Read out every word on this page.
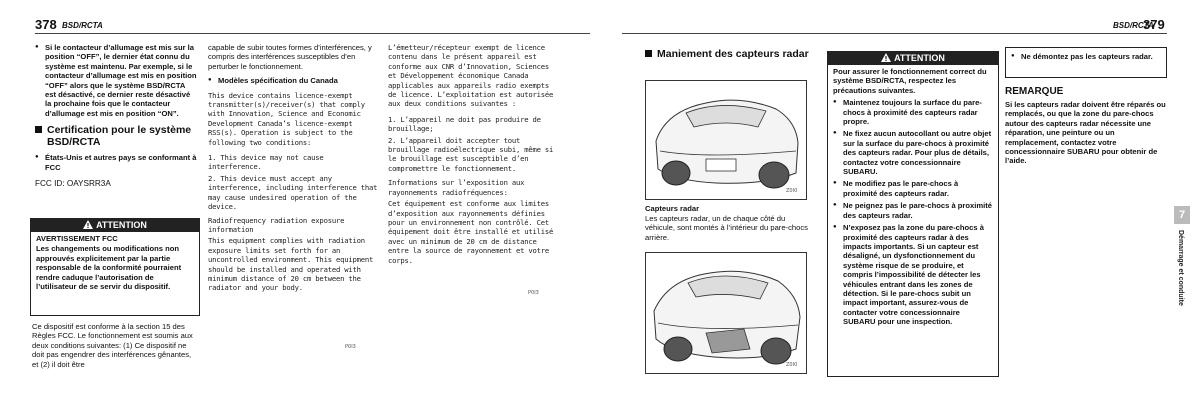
378 BSD/RCTA
● Si le contacteur d’allumage est mis sur la position “OFF”, le dernier état connu du système est maintenu. Par exemple, si le contacteur d’allumage est mis en position “OFF” alors que le système BSD/RCTA est désactivé, ce dernier reste désactivé la prochaine fois que le contacteur d’allumage est mis en position “ON”.
Certification pour le système BSD/RCTA
● États-Unis et autres pays se conformant à FCC
FCC ID: OAYSRR3A
ATTENTION
AVERTISSEMENT FCC
Les changements ou modifications non approuvés explicitement par la partie responsable de la conformité pourraient rendre caduque l’autorisation de l’utilisateur de se servir du dispositif.
Ce dispositif est conforme à la section 15 des Règles FCC. Le fonctionnement est soumis aux deux conditions suivantes: (1) Ce dispositif ne doit pas engendrer des interférences gênantes, et (2) il doit être
capable de subir toutes formes d’interférences, y compris des interférences susceptibles d’en perturber le fonctionnement.
● Modèles spécification du Canada
This device contains licence-exempt transmitter(s)/receiver(s) that comply with Innovation, Science and Economic Development Canada’s licence-exempt RSS(s). Operation is subject to the following two conditions:
1. This device may not cause interference.
2. This device must accept any interference, including interference that may cause undesired operation of the device.
Radiofrequency radiation exposure information
This equipment complies with radiation exposure limits set forth for an uncontrolled environment. This equipment should be installed and operated with minimum distance of 20 cm between the radiator and your body.
P0I3
L’émetteur/récepteur exempt de licence contenu dans le présent appareil est conforme aux CNR d’Innovation, Sciences et Développement économique Canada applicables aux appareils radio exempts de licence. L’exploitation est autorisée aux deux conditions suivantes :
1. L’appareil ne doit pas produire de brouillage;
2. L’appareil doit accepter tout brouillage radioélectrique subi, même si le brouillage est susceptible d’en compromettre le fonctionnement.
Informations sur l’exposition aux rayonnements radiofréquences:
Cet équipement est conforme aux limites d’exposition aux rayonnements définies pour un environnement non contrôlé. Cet équipement doit être installé et utilisé avec un minimum de 20 cm de distance entre la source de rayonnement et votre corps.
P0I3
BSD/RCTA
379
Maniement des capteurs radar
Z0I0
Capteurs radar
Les capteurs radar, un de chaque côté du véhicule, sont montés à l’intérieur du pare-chocs arrière.
Z0I0
ATTENTION
Pour assurer le fonctionnement correct du système BSD/RCTA, respectez les précautions suivantes.
● Maintenez toujours la surface du pare-chocs à proximité des capteurs radar propre.
● Ne fixez aucun autocollant ou autre objet sur la surface du pare-chocs à proximité des capteurs radar. Pour plus de détails, contactez votre concessionnaire SUBARU.
● Ne modifiez pas le pare-chocs à proximité des capteurs radar.
● Ne peignez pas le pare-chocs à proximité des capteurs radar.
● N’exposez pas la zone du pare-chocs à proximité des capteurs radar à des impacts importants. Si un capteur est désaligné, un dysfonctionnement du système risque de se produire, et compris l’impossibilité de détecter les véhicules entrant dans les zones de détection. Si le pare-chocs subit un impact important, assurez-vous de contacter votre concessionnaire SUBARU pour une inspection.
● Ne démontez pas les capteurs radar.
REMARQUE
Si les capteurs radar doivent être réparés ou remplacés, ou que la zone du pare-chocs autour des capteurs radar nécessite une réparation, une peinture ou un remplacement, contactez votre concessionnaire SUBARU pour obtenir de l’aide.
7
Démarrage et conduite
